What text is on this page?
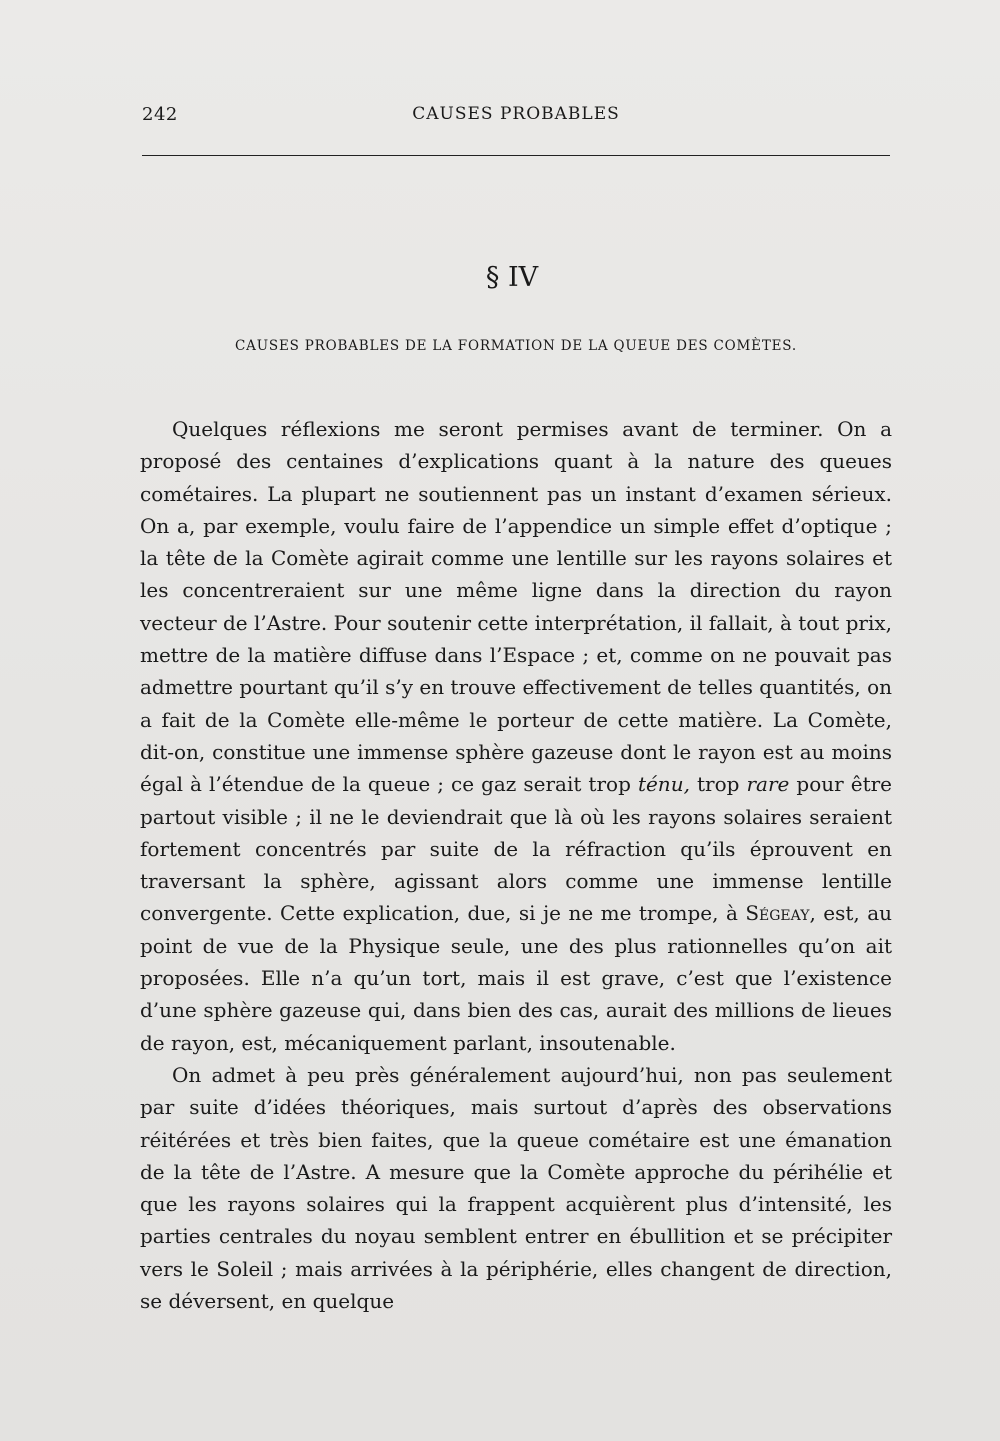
242	CAUSES PROBABLES
§ IV
CAUSES PROBABLES DE LA FORMATION DE LA QUEUE DES COMÈTES.

Quelques réflexions me seront permises avant de terminer. On a proposé des centaines d’explications quant à la nature des queues cométaires. La plupart ne soutiennent pas un instant d’examen sérieux. On a, par exemple, voulu faire de l’appendice un simple effet d’optique ; la tête de la Comète agirait comme une lentille sur les rayons solaires et les concentreraient sur une même ligne dans la direction du rayon vecteur de l’Astre. Pour soutenir cette interprétation, il fallait, à tout prix, mettre de la matière diffuse dans l’Espace ; et, comme on ne pouvait pas admettre pourtant qu’il s’y en trouve effectivement de telles quantités, on a fait de la Comète elle-même le porteur de cette matière. La Comète, dit-on, constitue une immense sphère gazeuse dont le rayon est au moins égal à l’étendue de la queue ; ce gaz serait trop ténu, trop rare pour être partout visible ; il ne le deviendrait que là où les rayons solaires seraient fortement concentrés par suite de la réfraction qu’ils éprouvent en traversant la sphère, agissant alors comme une immense lentille convergente. Cette explication, due, si je ne me trompe, à Ségeay, est, au point de vue de la Physique seule, une des plus rationnelles qu’on ait proposées. Elle n’a qu’un tort, mais il est grave, c’est que l’existence d’une sphère gazeuse qui, dans bien des cas, aurait des millions de lieues de rayon, est, mécaniquement parlant, insoutenable.

On admet à peu près généralement aujourd’hui, non pas seulement par suite d’idées théoriques, mais surtout d’après des observations réitérées et très bien faites, que la queue cométaire est une émanation de la tête de l’Astre. A mesure que la Comète approche du périhélie et que les rayons solaires qui la frappent acquièrent plus d’intensité, les parties centrales du noyau semblent entrer en ébullition et se précipiter vers le Soleil ; mais arrivées à la périphérie, elles changent de direction, se déversent, en quelque
